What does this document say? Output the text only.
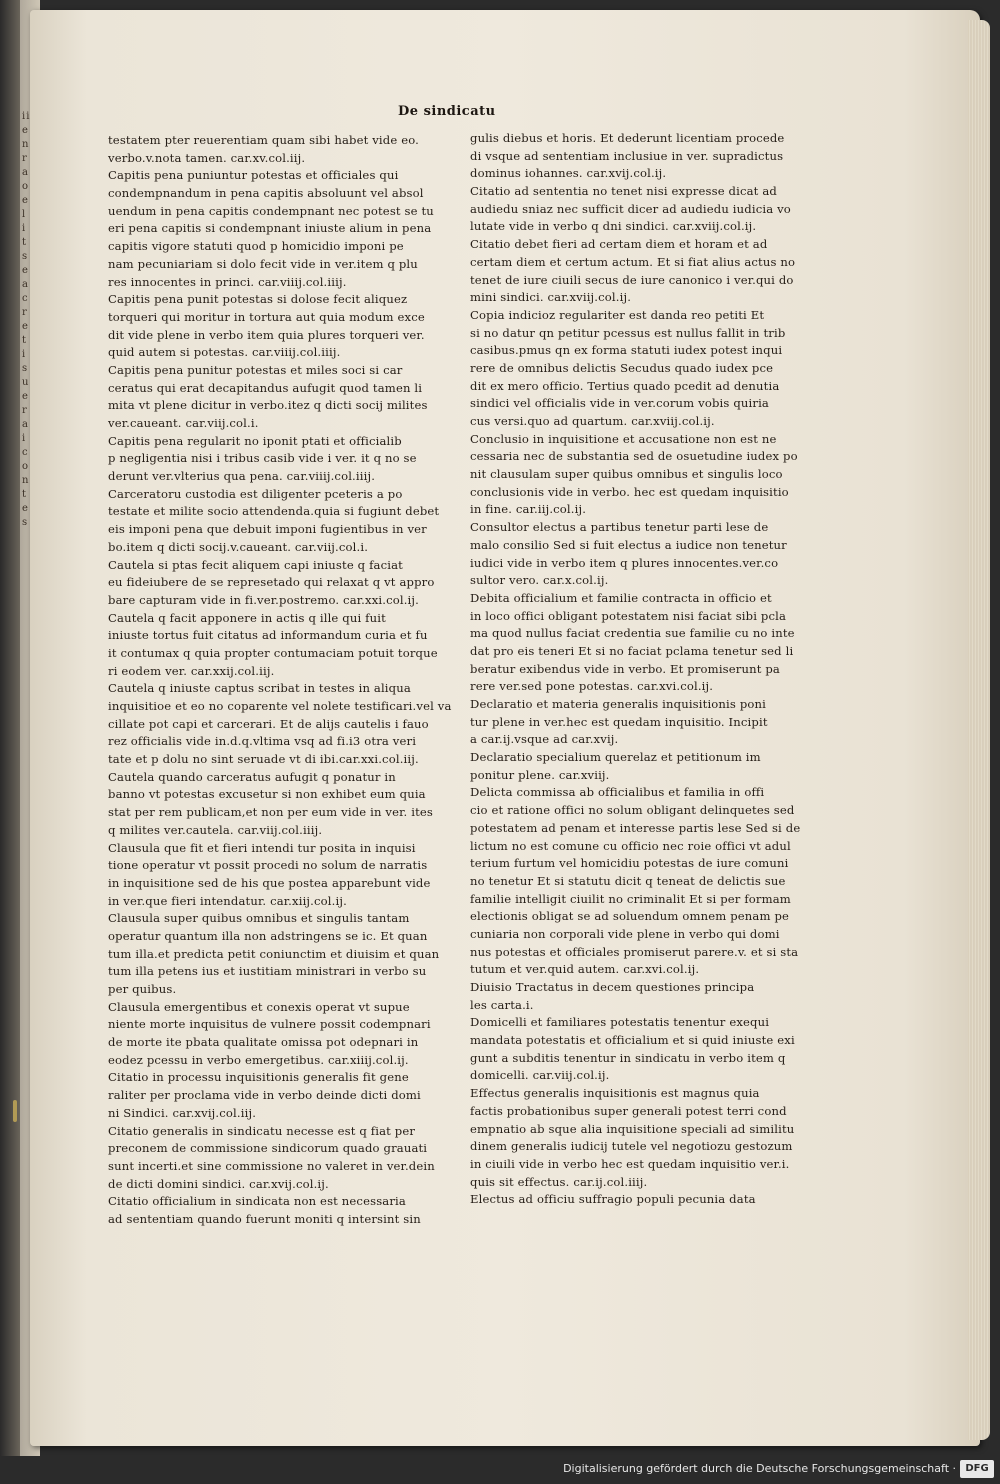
ii
e
n
r
a
o
e
l
i
t
s
e
a
c
r
e
t
i
s
u
e
r
a
i
c
o
n
t
e
s
De sindicatu
testatem pter reuerentiam quam sibi habet vide eo.
verbo.v.nota tamen. car.xv.col.iij.
Capitis pena puniuntur potestas et officiales qui
condempnandum in pena capitis absoluunt vel absol
uendum in pena capitis condempnant nec potest se tu
eri pena capitis si condempnant iniuste alium in pena
capitis vigore statuti quod p homicidio imponi pe
nam pecuniariam si dolo fecit vide in ver.item q plu
res innocentes in princi. car.viiij.col.iiij.
Capitis pena punit potestas si dolose fecit aliquez
torqueri qui moritur in tortura aut quia modum exce
dit vide plene in verbo item quia plures torqueri ver.
quid autem si potestas. car.viiij.col.iiij.
Capitis pena punitur potestas et miles soci si car
ceratus qui erat decapitandus aufugit quod tamen li
mita vt plene dicitur in verbo.itez q dicti socij milites
ver.caueant. car.viij.col.i.
Capitis pena regularit no iponit ptati et officialib
p negligentia nisi i tribus casib vide i ver. it q no se
derunt ver.vlterius qua pena. car.viiij.col.iiij.
Carceratoru custodia est diligenter pceteris a po
testate et milite socio attendenda.quia si fugiunt debet
eis imponi pena que debuit imponi fugientibus in ver
bo.item q dicti socij.v.caueant. car.viij.col.i.
Cautela si ptas fecit aliquem capi iniuste q faciat
eu fideiubere de se represetado qui relaxat q vt appro
bare capturam vide in fi.ver.postremo. car.xxi.col.ij.
Cautela q facit apponere in actis q ille qui fuit
iniuste tortus fuit citatus ad informandum curia et fu
it contumax q quia propter contumaciam potuit torque
ri eodem ver. car.xxij.col.iij.
Cautela q iniuste captus scribat in testes in aliqua
inquisitioe et eo no coparente vel nolete testificari.vel va
cillate pot capi et carcerari. Et de alijs cautelis i fauo
rez officialis vide in.d.q.vltima vsq ad fi.i3 otra veri
tate et p dolu no sint seruade vt di ibi.car.xxi.col.iij.
Cautela quando carceratus aufugit q ponatur in
banno vt potestas excusetur si non exhibet eum quia
stat per rem publicam,et non per eum vide in ver. ites
q milites ver.cautela. car.viij.col.iiij.
Clausula que fit et fieri intendi tur posita in inquisi
tione operatur vt possit procedi no solum de narratis
in inquisitione sed de his que postea apparebunt vide
in ver.que fieri intendatur. car.xiij.col.ij.
Clausula super quibus omnibus et singulis tantam
operatur quantum illa non adstringens se ic. Et quan
tum illa.et predicta petit coniunctim et diuisim et quan
tum illa petens ius et iustitiam ministrari in verbo su
per quibus.
Clausula emergentibus et conexis operat vt supue
niente morte inquisitus de vulnere possit codempnari
de morte ite pbata qualitate omissa pot odepnari in
eodez pcessu in verbo emergetibus. car.xiiij.col.ij.
Citatio in processu inquisitionis generalis fit gene
raliter per proclama vide in verbo deinde dicti domi
ni Sindici. car.xvij.col.iij.
Citatio generalis in sindicatu necesse est q fiat per
preconem de commissione sindicorum quado grauati
sunt incerti.et sine commissione no valeret in ver.dein
de dicti domini sindici. car.xvij.col.ij.
Citatio officialium in sindicata non est necessaria
ad sententiam quando fuerunt moniti q intersint sin
gulis diebus et horis. Et dederunt licentiam procede
di vsque ad sententiam inclusiue in ver. supradictus
dominus iohannes. car.xvij.col.ij.
Citatio ad sententia no tenet nisi expresse dicat ad
audiedu sniaz nec sufficit dicer ad audiedu iudicia vo
lutate vide in verbo q dni sindici. car.xviij.col.ij.
Citatio debet fieri ad certam diem et horam et ad
certam diem et certum actum. Et si fiat alius actus no
tenet de iure ciuili secus de iure canonico i ver.qui do
mini sindici. car.xviij.col.ij.
Copia indicioz regulariter est danda reo petiti Et
si no datur qn petitur pcessus est nullus fallit in trib
casibus.pmus qn ex forma statuti iudex potest inqui
rere de omnibus delictis Secudus quado iudex pce
dit ex mero officio. Tertius quado pcedit ad denutia
sindici vel officialis vide in ver.corum vobis quiria
cus versi.quo ad quartum. car.xviij.col.ij.
Conclusio in inquisitione et accusatione non est ne
cessaria nec de substantia sed de osuetudine iudex po
nit clausulam super quibus omnibus et singulis loco
conclusionis vide in verbo. hec est quedam inquisitio
in fine. car.iij.col.ij.
Consultor electus a partibus tenetur parti lese de
malo consilio Sed si fuit electus a iudice non tenetur
iudici vide in verbo item q plures innocentes.ver.co
sultor vero. car.x.col.ij.
Debita officialium et familie contracta in officio et
in loco offici obligant potestatem nisi faciat sibi pcla
ma quod nullus faciat credentia sue familie cu no inte
dat pro eis teneri Et si no faciat pclama tenetur sed li
beratur exibendus vide in verbo. Et promiserunt pa
rere ver.sed pone potestas. car.xvi.col.ij.
Declaratio et materia generalis inquisitionis poni
tur plene in ver.hec est quedam inquisitio. Incipit
a car.ij.vsque ad car.xvij.
Declaratio specialium querelaz et petitionum im
ponitur plene. car.xviij.
Delicta commissa ab officialibus et familia in offi
cio et ratione offici no solum obligant delinquetes sed
potestatem ad penam et interesse partis lese Sed si de
lictum no est comune cu officio nec roie offici vt adul
terium furtum vel homicidiu potestas de iure comuni
no tenetur Et si statutu dicit q teneat de delictis sue
familie intelligit ciuilit no criminalit Et si per formam
electionis obligat se ad soluendum omnem penam pe
cuniaria non corporali vide plene in verbo qui domi
nus potestas et officiales promiserut parere.v. et si sta
tutum et ver.quid autem. car.xvi.col.ij.
Diuisio Tractatus in decem questiones principa
les carta.i.
Domicelli et familiares potestatis tenentur exequi
mandata potestatis et officialium et si quid iniuste exi
gunt a subditis tenentur in sindicatu in verbo item q
domicelli. car.viij.col.ij.
Effectus generalis inquisitionis est magnus quia
factis probationibus super generali potest terri cond
empnatio ab sque alia inquisitione speciali ad similitu
dinem generalis iudicij tutele vel negotiozu gestozum
in ciuili vide in verbo hec est quedam inquisitio ver.i.
quis sit effectus. car.ij.col.iiij.
Electus ad officiu suffragio populi pecunia data
Digitalisierung gefördert durch die Deutsche Forschungsgemeinschaft · DFG
